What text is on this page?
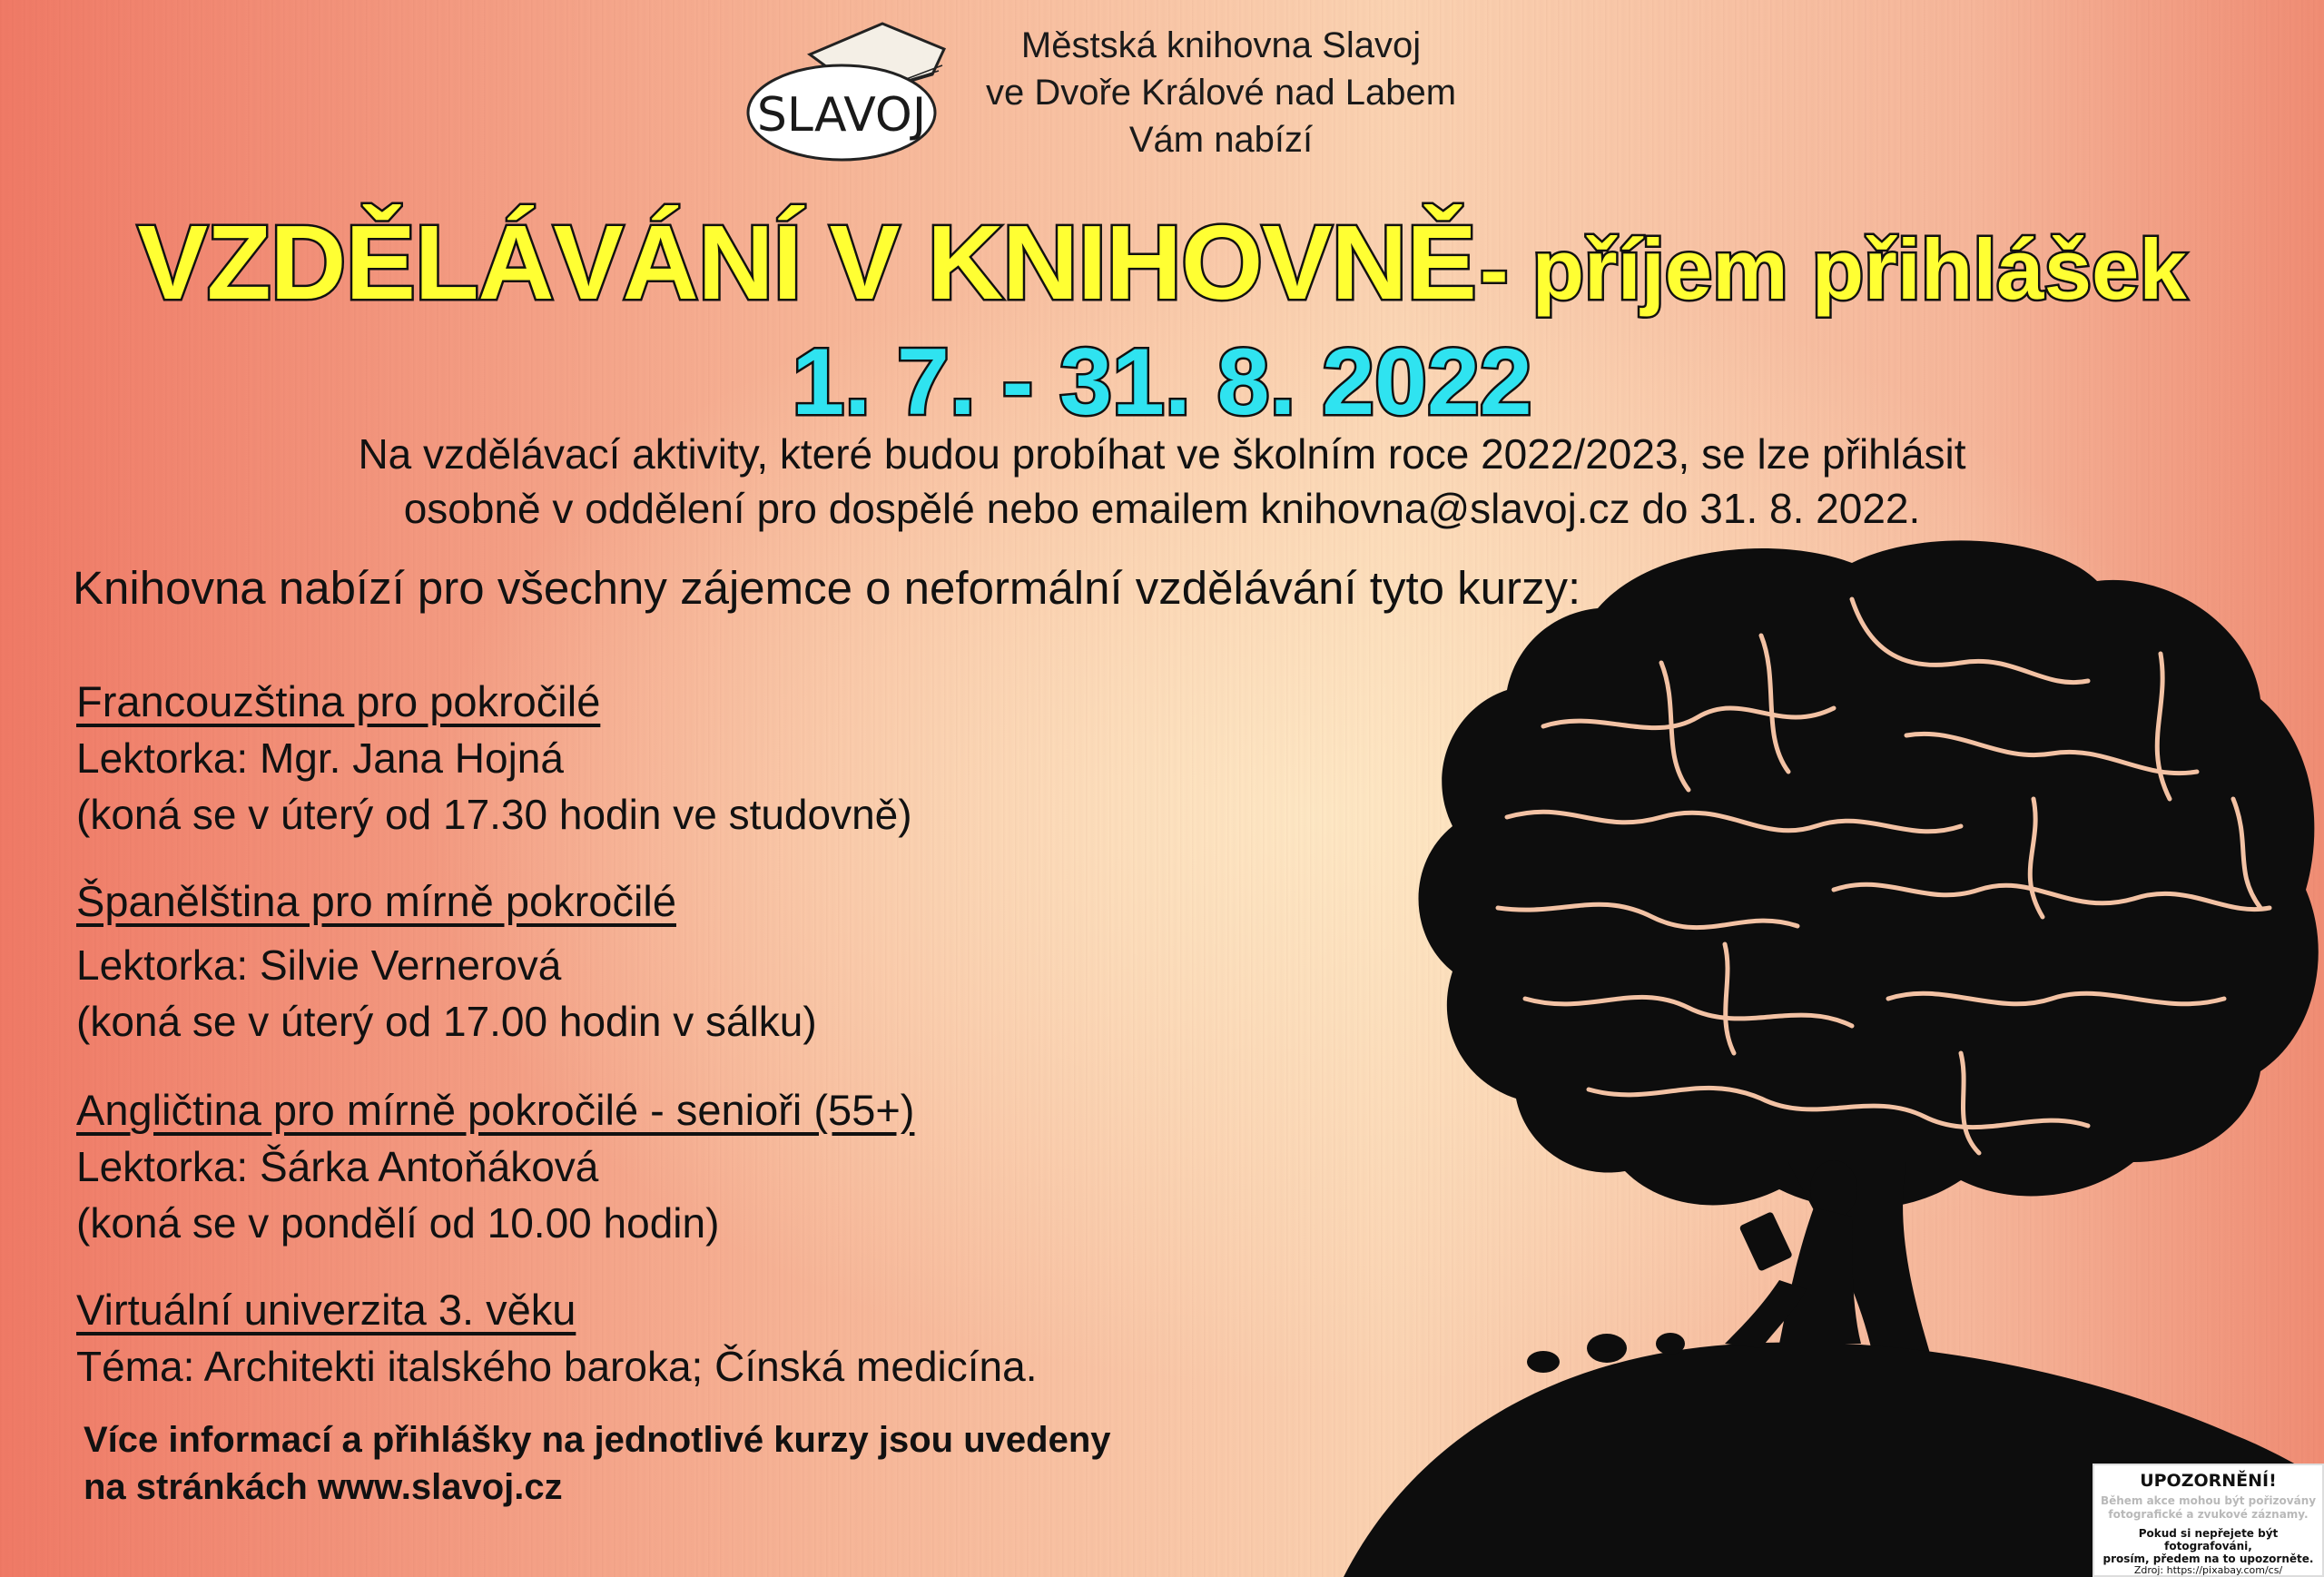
SLAVOJ
Městská knihovna Slavoj
ve Dvoře Králové nad Labem
Vám nabízí
VZDĚLÁVÁNÍ V KNIHOVNĚ - příjem přihlášek
1. 7. - 31. 8. 2022
Na vzdělávací aktivity, které budou probíhat ve školním roce 2022/2023, se lze přihlásit
osobně v oddělení pro dospělé nebo emailem knihovna@slavoj.cz do 31. 8. 2022.
Knihovna nabízí pro všechny zájemce o neformální vzdělávání tyto kurzy:
Francouzština pro pokročilé
Lektorka: Mgr. Jana Hojná
(koná se v úterý od 17.30 hodin ve studovně)
Španělština pro mírně pokročilé
Lektorka: Silvie Vernerová
(koná se v úterý od 17.00 hodin v sálku)
Angličtina pro mírně pokročilé - senioři (55+)
Lektorka: Šárka Antoňáková
(koná se v pondělí od 10.00 hodin)
Virtuální univerzita 3. věku
Téma: Architekti italského baroka; Čínská medicína.
Více informací a přihlášky na jednotlivé kurzy jsou uvedeny
na stránkách www.slavoj.cz	UPOZORNĚNÍ!
Během akce mohou být pořizovány
fotografické a zvukové záznamy.
Pokud si nepřejete být fotografováni,
prosím, předem na to upozorněte.
Zdroj: https://pixabay.com/cs/
